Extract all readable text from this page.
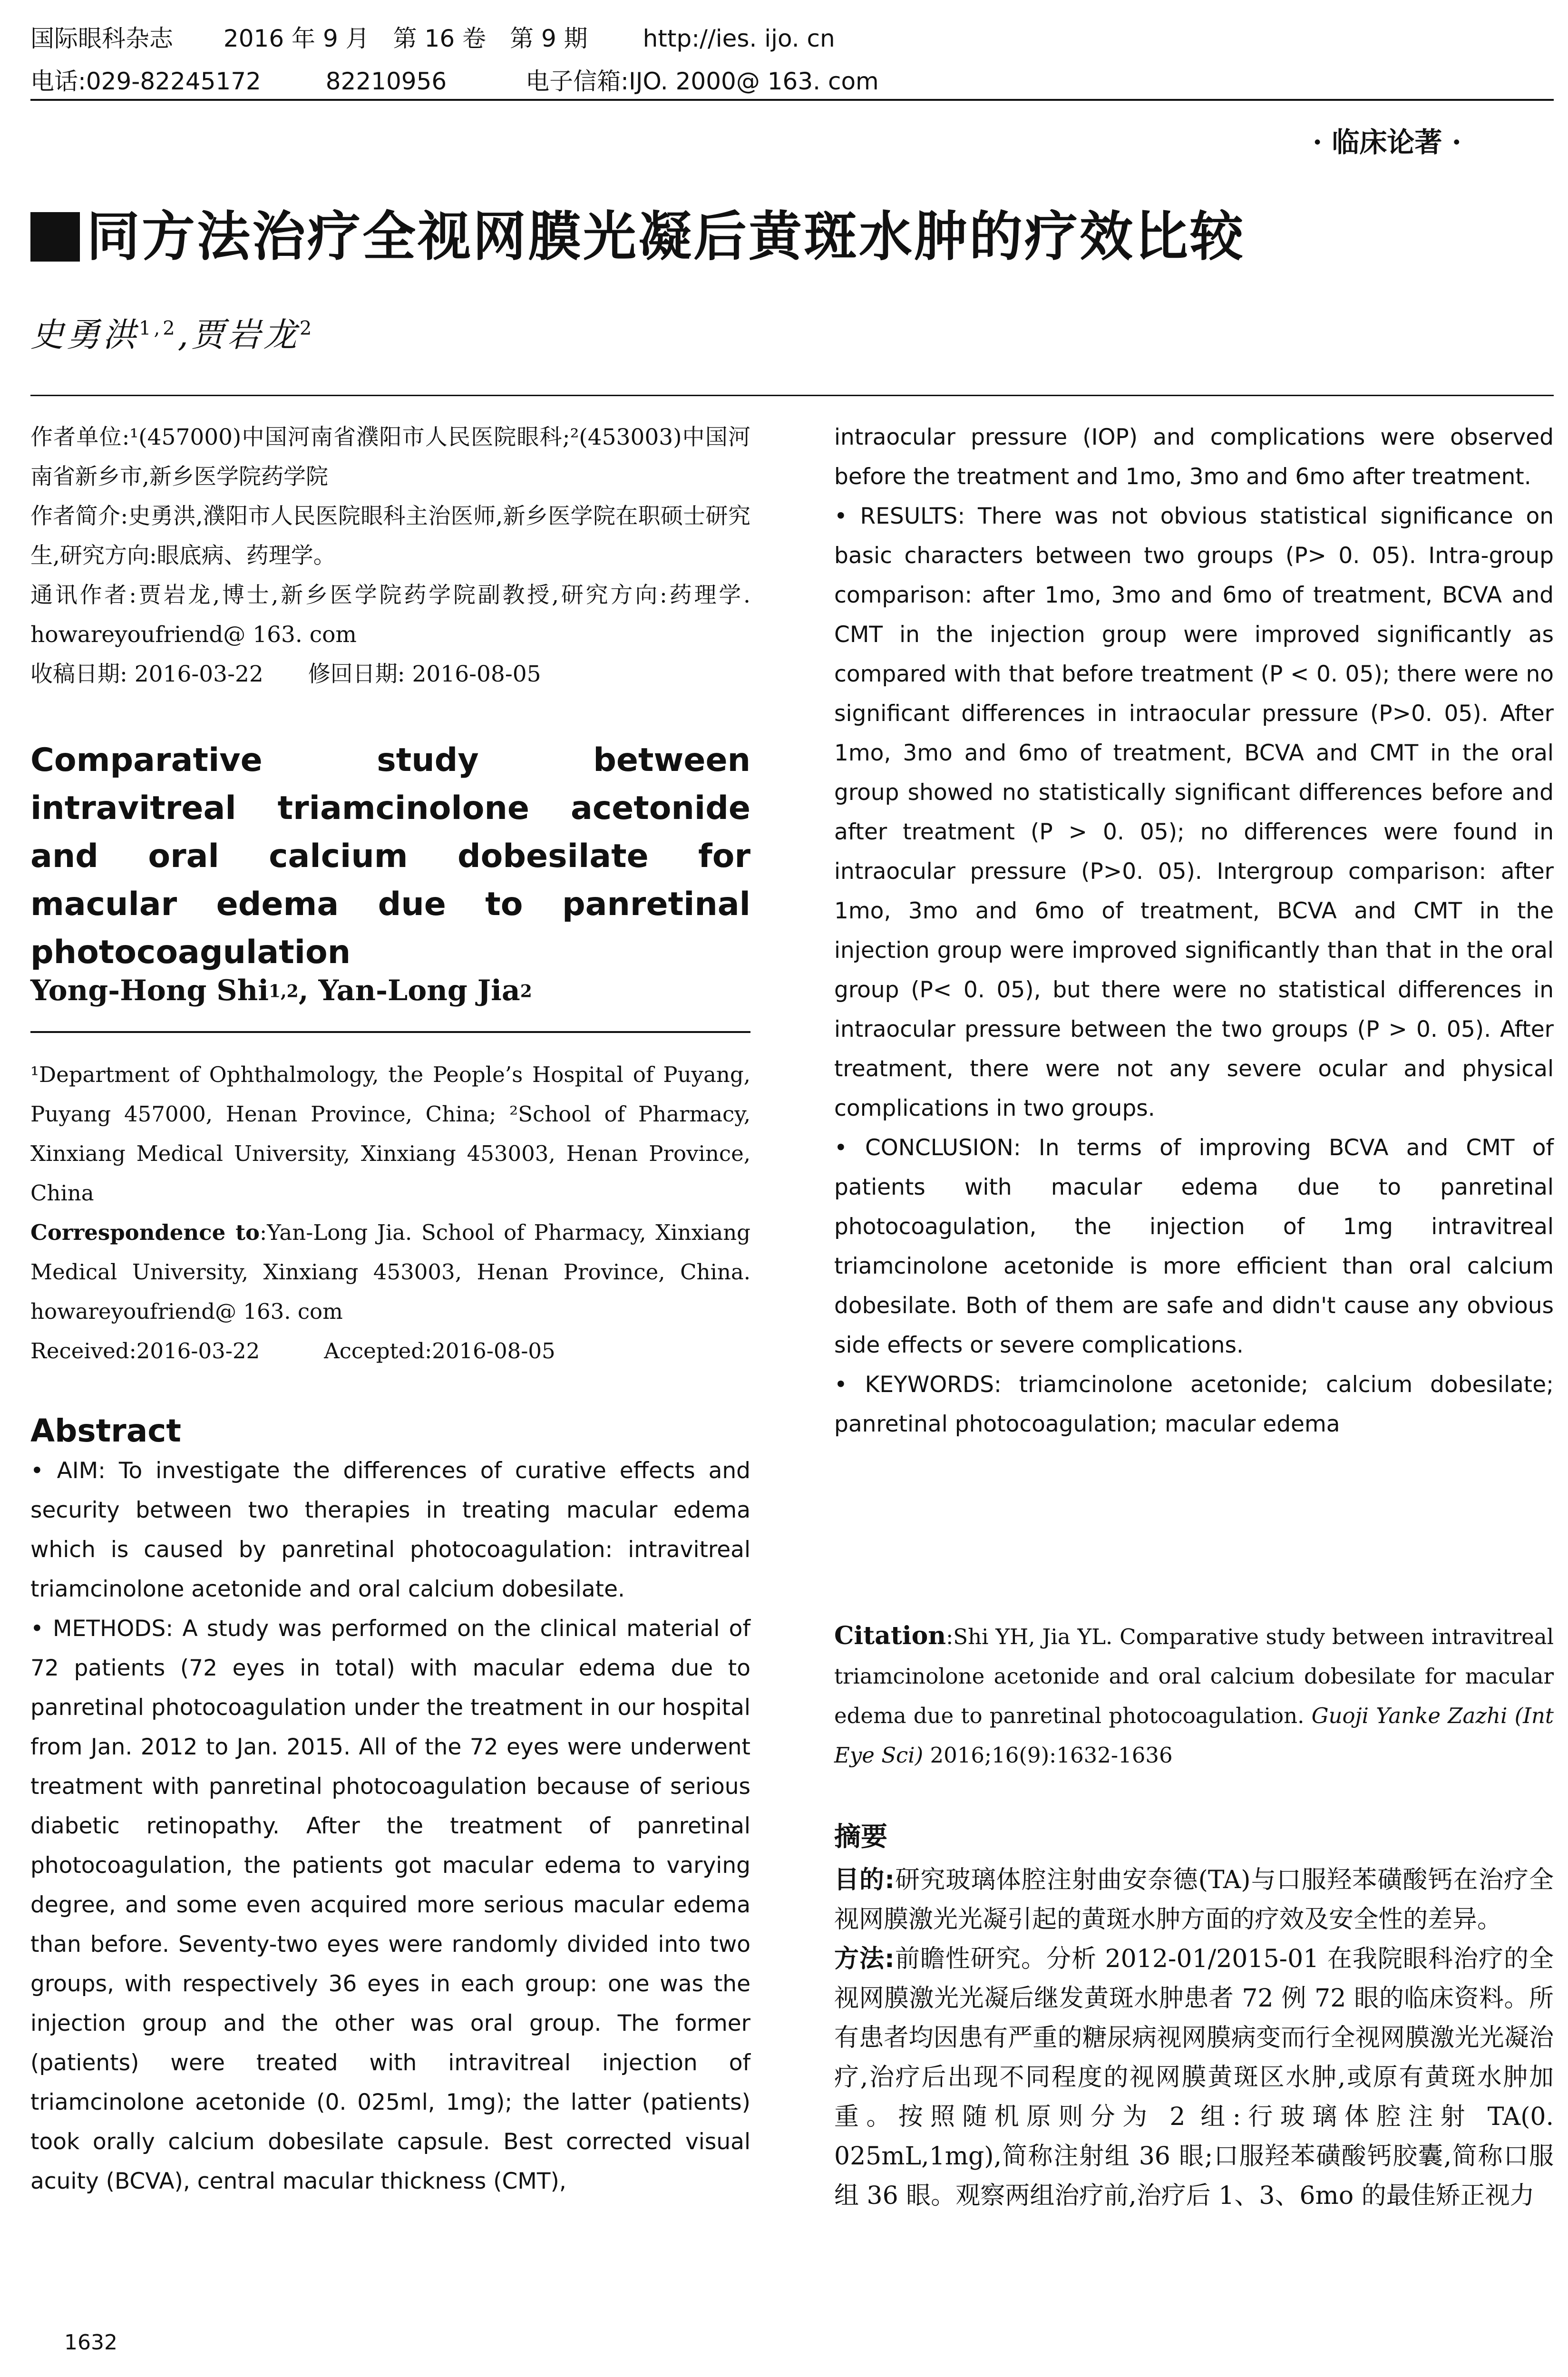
国际眼科杂志 2016 年 9 月　第 16 卷　第 9 期 http://ies. ijo. cn
电话:029-82245172	82210956	电子信箱:IJO. 2000@ 163. com
· 临床论著 ·
同方法治疗全视网膜光凝后黄斑水肿的疗效比较
史勇洪$^{1,2}$,贾岩龙$^2$

作者单位:¹(457000)中国河南省濮阳市人民医院眼科;²(453003)中国河南省新乡市,新乡医学院药学院

作者简介:史勇洪,濮阳市人民医院眼科主治医师,新乡医学院在职硕士研究生,研究方向:眼底病、药理学。

通讯作者:贾岩龙,博士,新乡医学院药学院副教授,研究方向:药理学. howareyoufriend@ 163. com

收稿日期: 2016-03-22　　修回日期: 2016-08-05

Comparative study between intravitreal triamcinolone acetonide and oral calcium dobesilate for macular edema due to panretinal photocoagulation

Yong-Hong Shi$^{1,2}$, Yan-Long Jia$^2$

¹Department of Ophthalmology, the People’s Hospital of Puyang, Puyang 457000, Henan Province, China; ²School of Pharmacy, Xinxiang Medical University, Xinxiang 453003, Henan Province, China

Correspondence to:Yan-Long Jia. School of Pharmacy, Xinxiang Medical University, Xinxiang 453003, Henan Province, China. howareyoufriend@ 163. com

Received:2016-03-22　　　Accepted:2016-08-05

Abstract

• AIM: To investigate the differences of curative effects and security between two therapies in treating macular edema which is caused by panretinal photocoagulation: intravitreal triamcinolone acetonide and oral calcium dobesilate.

• METHODS: A study was performed on the clinical material of 72 patients (72 eyes in total) with macular edema due to panretinal photocoagulation under the treatment in our hospital from Jan. 2012 to Jan. 2015. All of the 72 eyes were underwent treatment with panretinal photocoagulation because of serious diabetic retinopathy. After the treatment of panretinal photocoagulation, the patients got macular edema to varying degree, and some even acquired more serious macular edema than before. Seventy-two eyes were randomly divided into two groups, with respectively 36 eyes in each group: one was the injection group and the other was oral group. The former (patients) were treated with intravitreal injection of triamcinolone acetonide (0. 025ml, 1mg); the latter (patients) took orally calcium dobesilate capsule. Best corrected visual acuity (BCVA), central macular thickness (CMT),

1632

intraocular pressure (IOP) and complications were observed before the treatment and 1mo, 3mo and 6mo after treatment.

• RESULTS: There was not obvious statistical significance on basic characters between two groups (P> 0. 05). Intra-group comparison: after 1mo, 3mo and 6mo of treatment, BCVA and CMT in the injection group were improved significantly as compared with that before treatment (P < 0. 05); there were no significant differences in intraocular pressure (P>0. 05). After 1mo, 3mo and 6mo of treatment, BCVA and CMT in the oral group showed no statistically significant differences before and after treatment (P > 0. 05); no differences were found in intraocular pressure (P>0. 05). Intergroup comparison: after 1mo, 3mo and 6mo of treatment, BCVA and CMT in the injection group were improved significantly than that in the oral group (P< 0. 05), but there were no statistical differences in intraocular pressure between the two groups (P > 0. 05). After treatment, there were not any severe ocular and physical complications in two groups.

• CONCLUSION: In terms of improving BCVA and CMT of patients with macular edema due to panretinal photocoagulation, the injection of 1mg intravitreal triamcinolone acetonide is more efficient than oral calcium dobesilate. Both of them are safe and didn't cause any obvious side effects or severe complications.

• KEYWORDS: triamcinolone acetonide; calcium dobesilate; panretinal photocoagulation; macular edema

Citation:Shi YH, Jia YL. Comparative study between intravitreal triamcinolone acetonide and oral calcium dobesilate for macular edema due to panretinal photocoagulation. Guoji Yanke Zazhi (Int Eye Sci) 2016;16(9):1632-1636

摘要

目的:研究玻璃体腔注射曲安奈德(TA)与口服羟苯磺酸钙在治疗全视网膜激光光凝引起的黄斑水肿方面的疗效及安全性的差异。

方法:前瞻性研究。分析 2012-01/2015-01 在我院眼科治疗的全视网膜激光光凝后继发黄斑水肿患者 72 例 72 眼的临床资料。所有患者均因患有严重的糖尿病视网膜病变而行全视网膜激光光凝治疗,治疗后出现不同程度的视网膜黄斑区水肿,或原有黄斑水肿加重。按照随机原则分为 2 组:行玻璃体腔注射 TA(0. 025mL,1mg),简称注射组 36 眼;口服羟苯磺酸钙胶囊,简称口服组 36 眼。观察两组治疗前,治疗后 1、3、6mo 的最佳矫正视力
